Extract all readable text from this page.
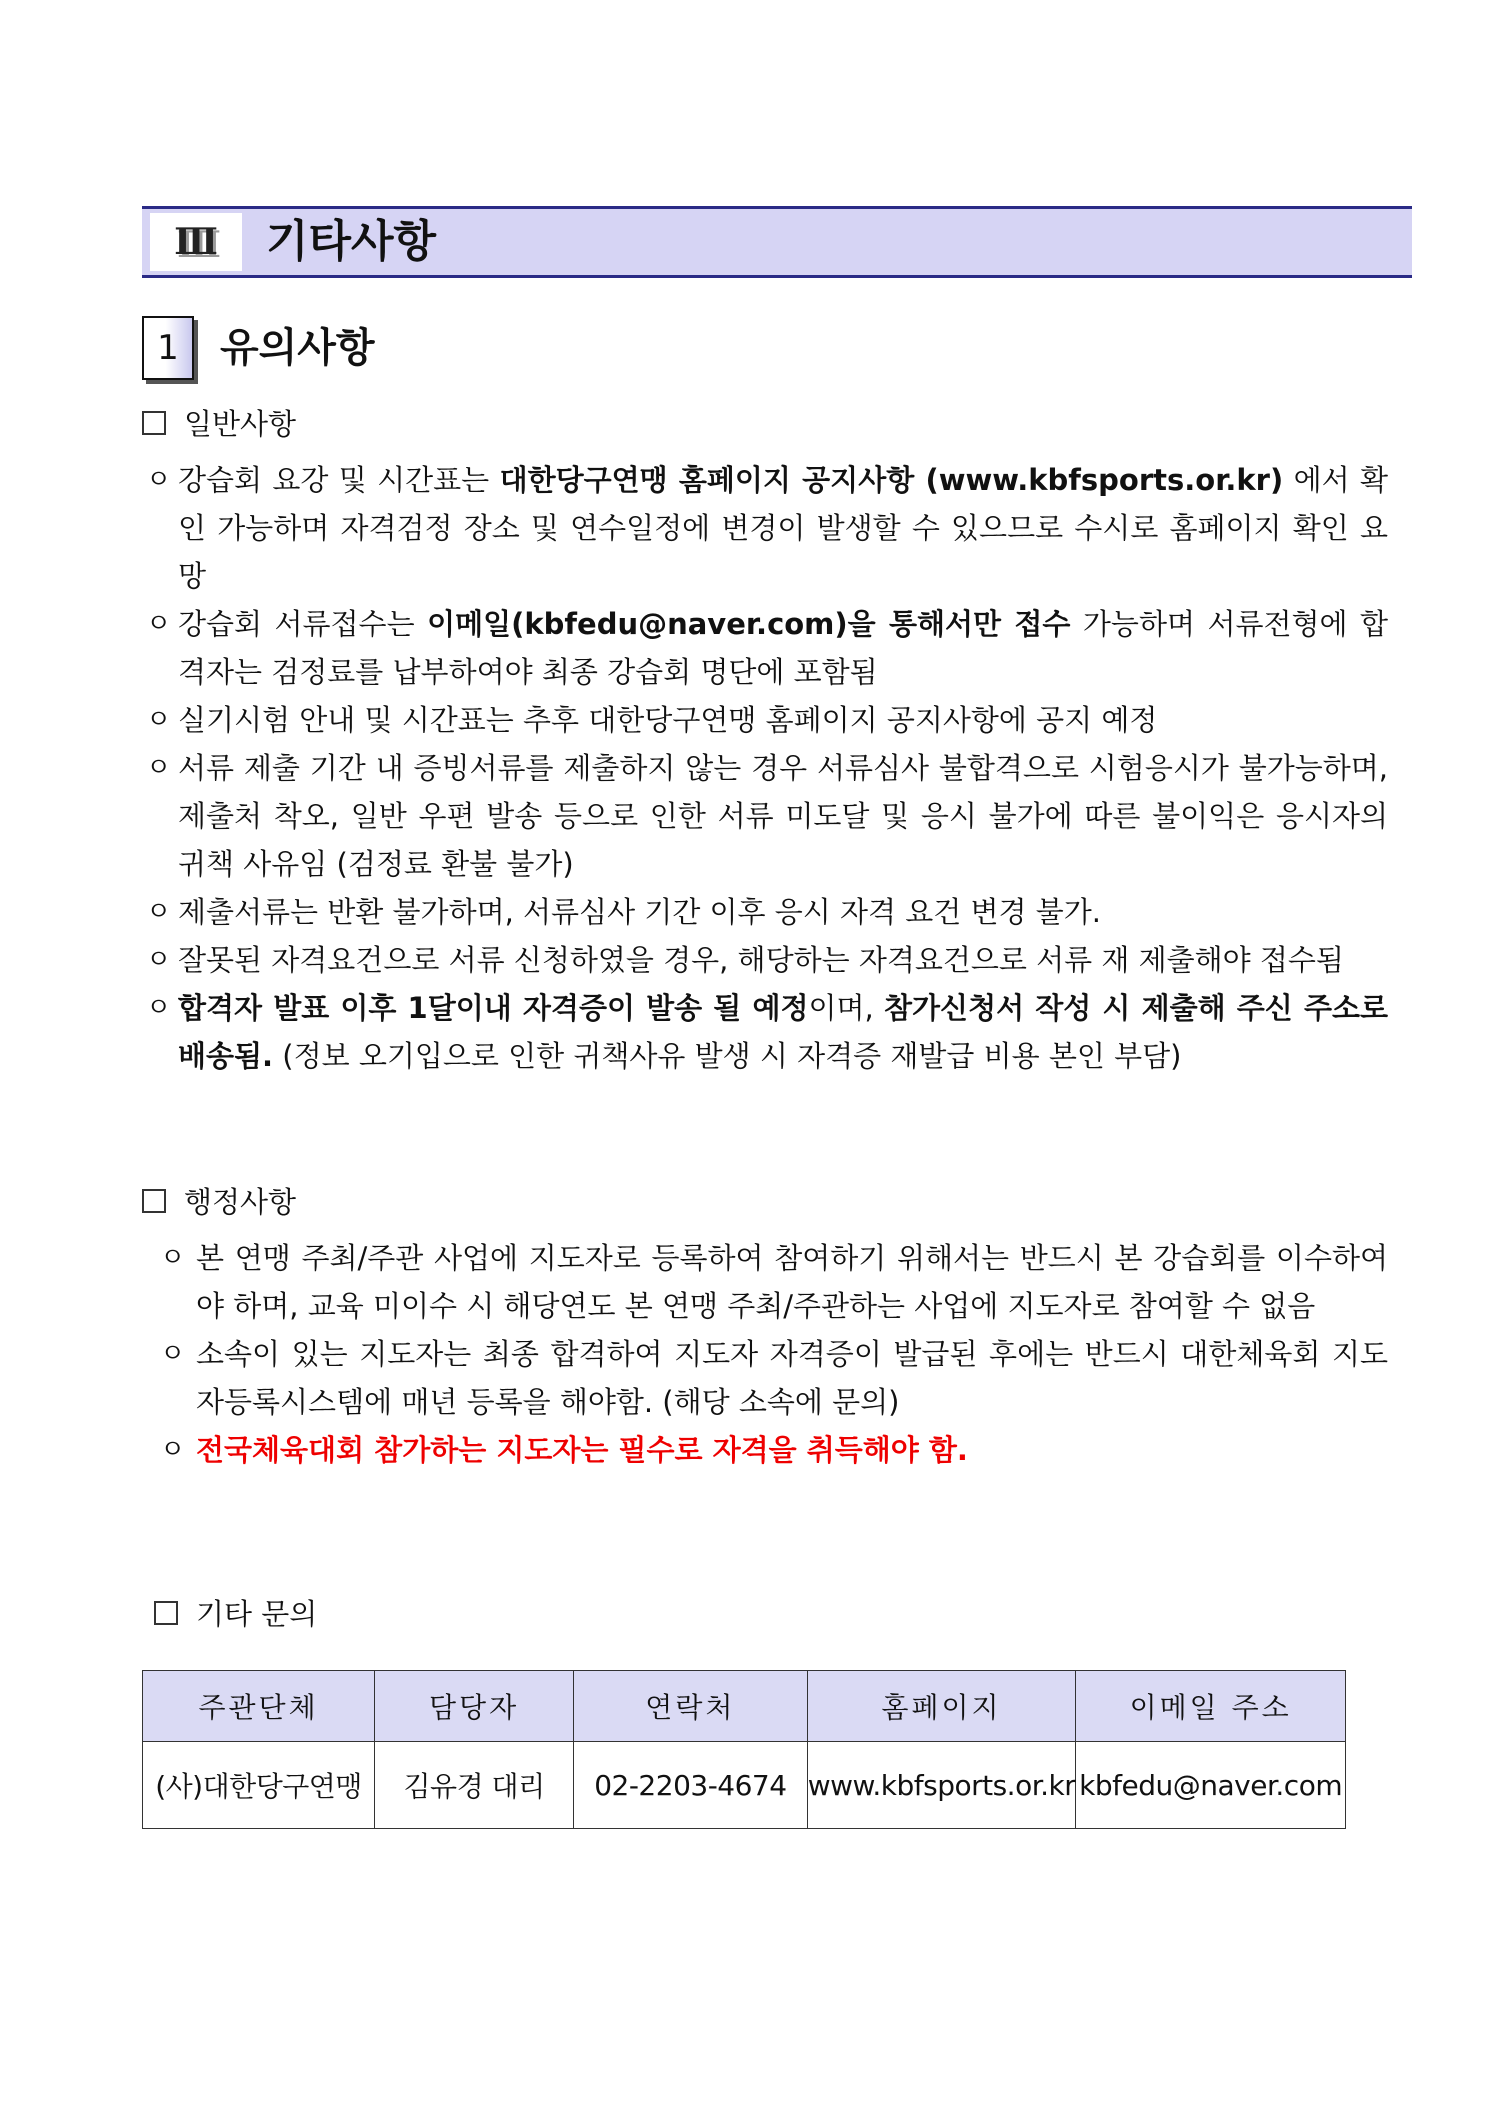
Ⅲ	기타사항
1	유의사항
일반사항
ㅇ 강습회 요강 및 시간표는 대한당구연맹 홈페이지 공지사항 (www.kbfsports.or.kr) 에서 확인 가능하며 자격검정 장소 및 연수일정에 변경이 발생할 수 있으므로 수시로 홈페이지 확인 요망
ㅇ 강습회 서류접수는 이메일(kbfedu@naver.com)을 통해서만 접수 가능하며 서류전형에 합격자는 검정료를 납부하여야 최종 강습회 명단에 포함됨
ㅇ 실기시험 안내 및 시간표는 추후 대한당구연맹 홈페이지 공지사항에 공지 예정
ㅇ 서류 제출 기간 내 증빙서류를 제출하지 않는 경우 서류심사 불합격으로 시험응시가 불가능하며, 제출처 착오, 일반 우편 발송 등으로 인한 서류 미도달 및 응시 불가에 따른 불이익은 응시자의 귀책 사유임 (검정료 환불 불가)
ㅇ 제출서류는 반환 불가하며, 서류심사 기간 이후 응시 자격 요건 변경 불가.
ㅇ 잘못된 자격요건으로 서류 신청하였을 경우, 해당하는 자격요건으로 서류 재 제출해야 접수됨
ㅇ 합격자 발표 이후 1달이내 자격증이 발송 될 예정이며, 참가신청서 작성 시 제출해 주신 주소로 배송됨. (정보 오기입으로 인한 귀책사유 발생 시 자격증 재발급 비용 본인 부담)
행정사항
ㅇ 본 연맹 주최/주관 사업에 지도자로 등록하여 참여하기 위해서는 반드시 본 강습회를 이수하여야 하며, 교육 미이수 시 해당연도 본 연맹 주최/주관하는 사업에 지도자로 참여할 수 없음
ㅇ 소속이 있는 지도자는 최종 합격하여 지도자 자격증이 발급된 후에는 반드시 대한체육회 지도자등록시스템에 매년 등록을 해야함. (해당 소속에 문의)
ㅇ 전국체육대회 참가하는 지도자는 필수로 자격을 취득해야 함.
기타 문의
주관단체	담당자	연락처	홈페이지	이메일 주소
(사)대한당구연맹	김유경 대리	02-2203-4674	www.kbfsports.or.kr	kbfedu@naver.com
